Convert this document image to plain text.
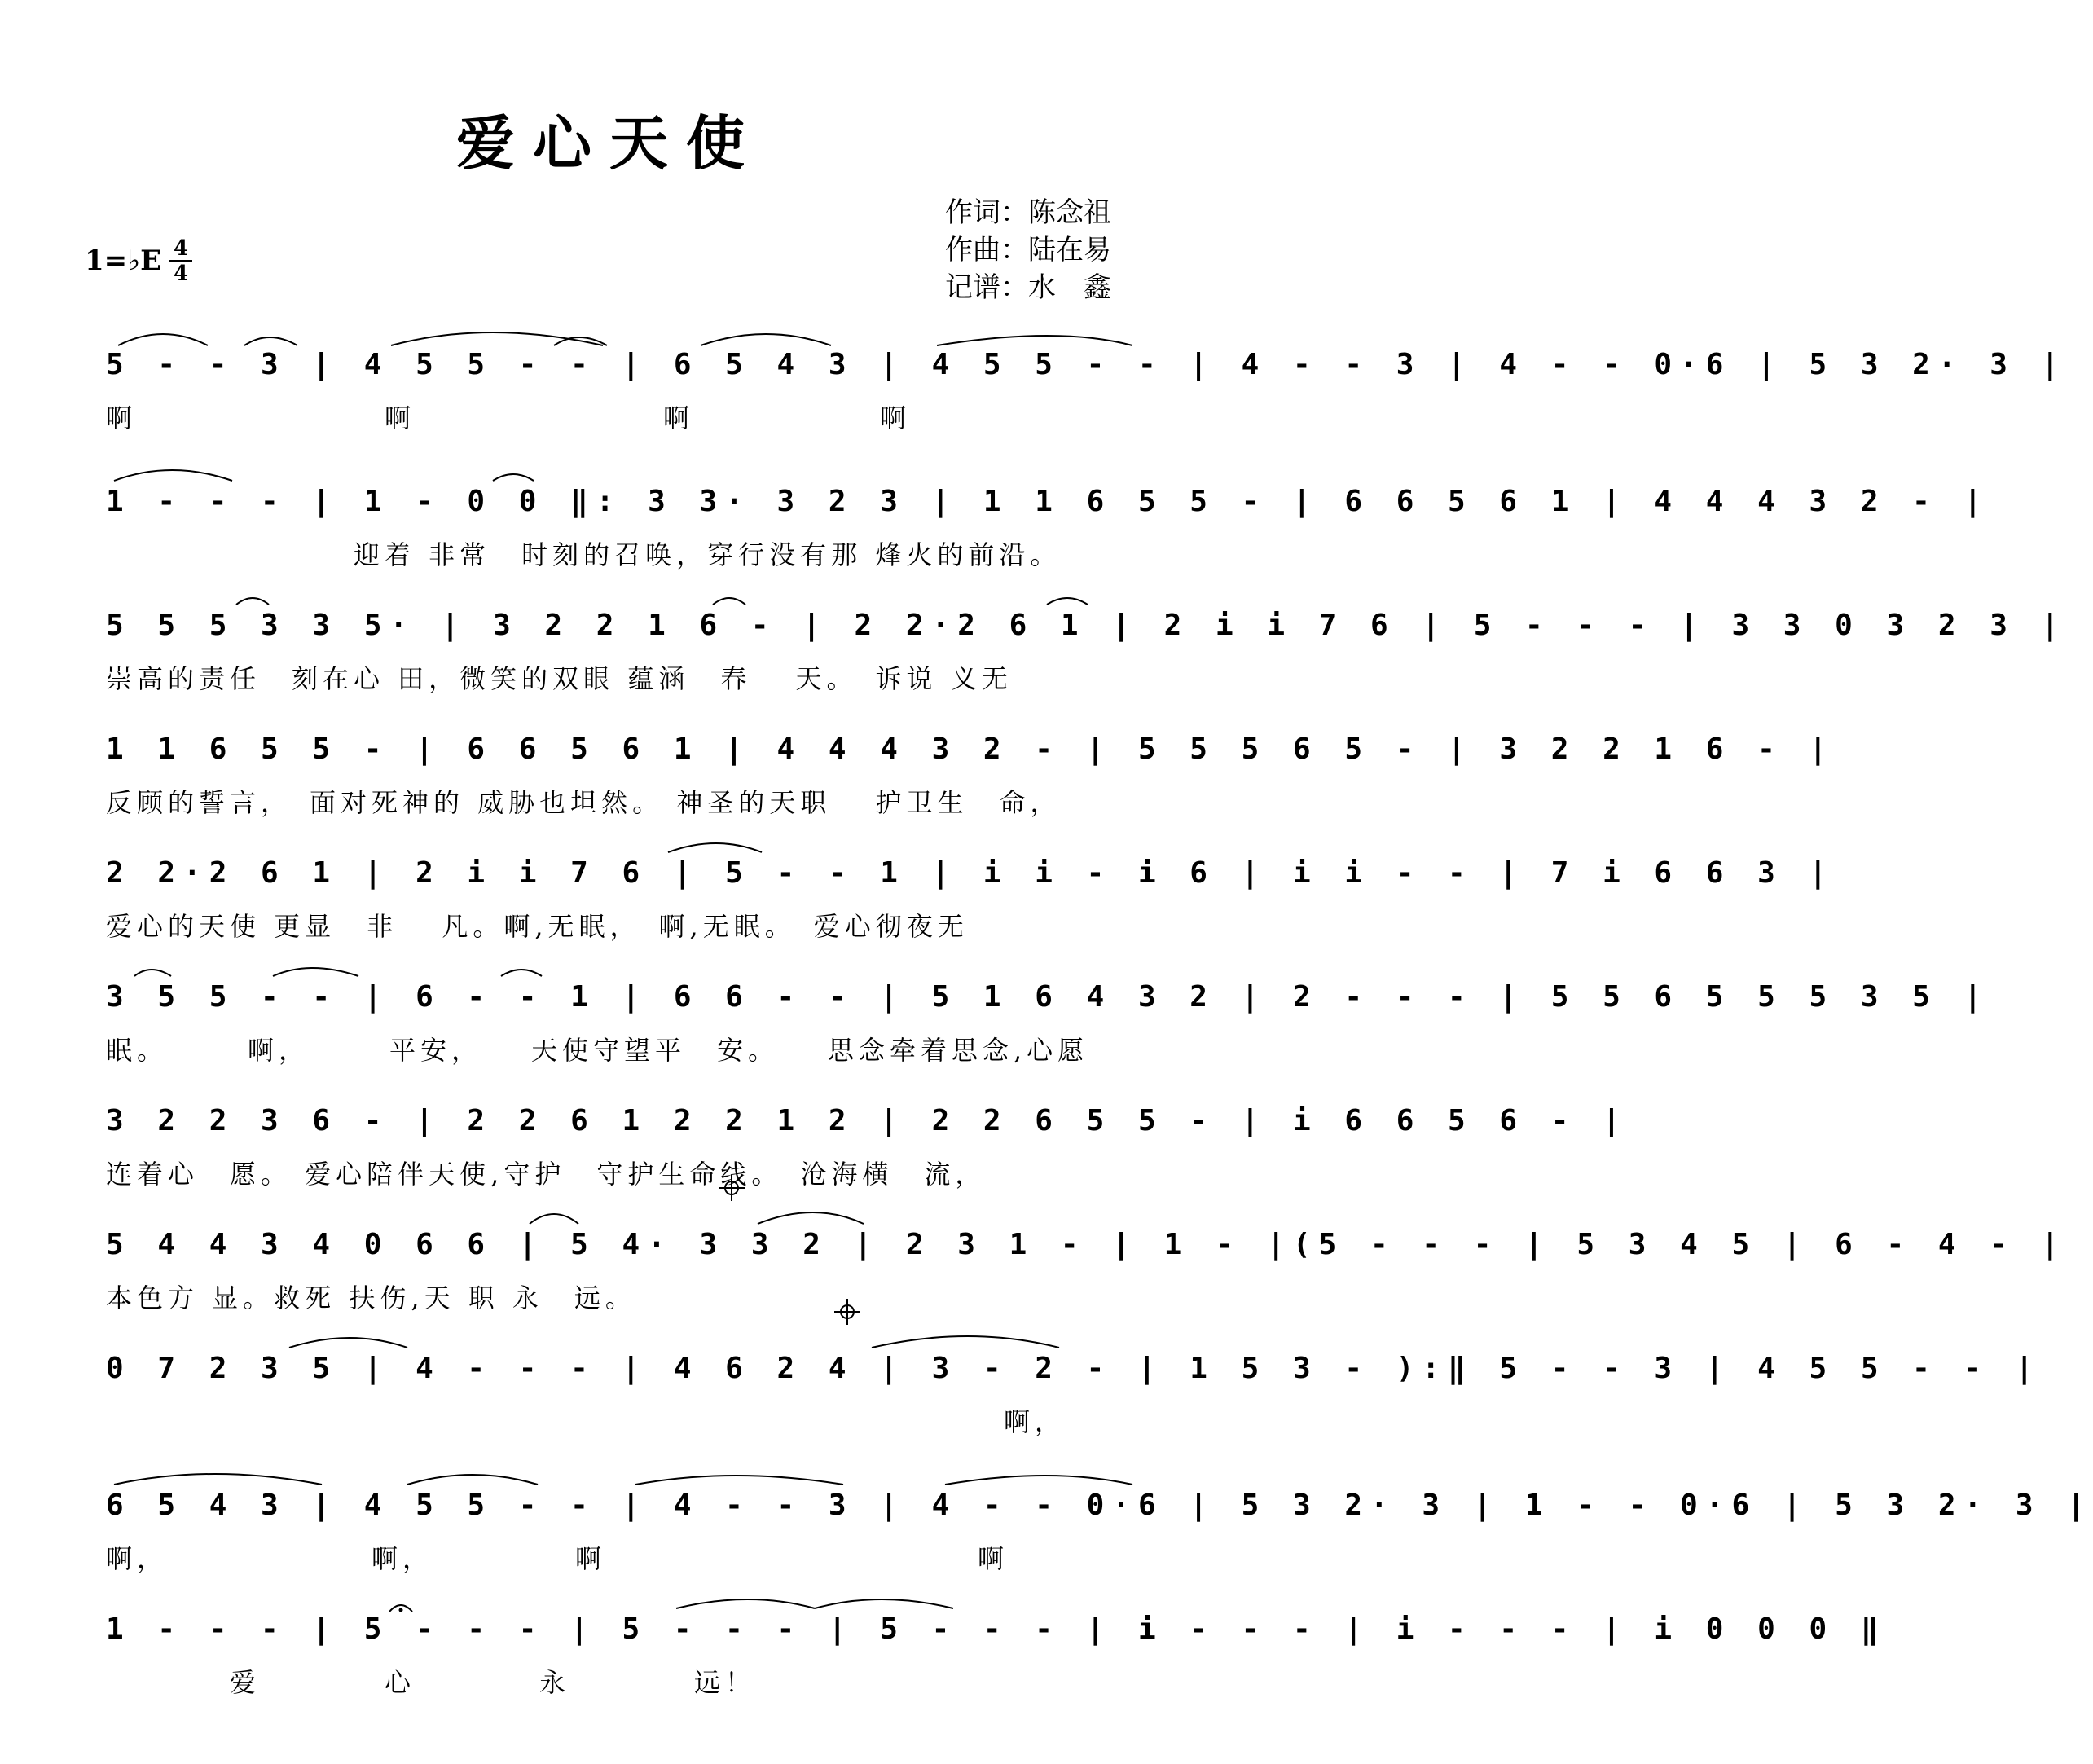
爱心天使
作词：陈念祖
作曲：陆在易
记谱：水　鑫
1=♭E 4
4
5 - - 3 | 4 5 5 - - | 6 5 4 3 | 4 5 5 - - | 4 - - 3 | 4 - - 0·6 | 5 3 2· 3 |
啊　　　　　　　　啊　　　　　　　　啊　　　　　　啊
1 - - - | 1 - 0 0 ‖: 3 3· 3 2 3 | 1 1 6 5 5 - | 6 6 5 6 1 | 4 4 4 3 2 - |
　　　　　　　　迎着 非常　时刻的召唤，穿行没有那 烽火的前沿。
5 5 5 3 3 5· | 3 2 2 1 6 - | 2 2·2 6 1 | 2 i i 7 6 | 5 - - - | 3 3 0 3 2 3 |
崇高的责任　刻在心 田，微笑的双眼 蕴涵　春　 天。　诉说 义无
1 1 6 5 5 - | 6 6 5 6 1 | 4 4 4 3 2 - | 5 5 5 6 5 - | 3 2 2 1 6 - |
反顾的誓言，　面对死神的 威胁也坦然。 神圣的天职　 护卫生　命，
2 2·2 6 1 | 2 i i 7 6 | 5 - - 1 | i i - i 6 | i i - - | 7 i 6 6 3 |
爱心的天使 更显　非　 凡。啊,无眠，　啊,无眠。　爱心彻夜无
3 5 5 - - | 6 - - 1 | 6 6 - - | 5 1 6 4 3 2 | 2 - - - | 5 5 6 5 5 5 3 5 |
眠。　　　啊，　　　平安，　　天使守望平　安。　　思念牵着思念,心愿
3 2 2 3 6 - | 2 2 6 1 2 2 1 2 | 2 2 6 5 5 - | i 6 6 5 6 - |
连着心　愿。 爱心陪伴天使,守护　守护生命线。　沧海横　流，
5 4 4 3 4 0 6 6 | 5 4· 3 3 2 | 2 3 1 - | 1 - |(5 - - - | 5 3 4 5 | 6 - 4 - |
本色方 显。救死 扶伤,天 职 永　远。
0 7 2 3 5 | 4 - - - | 4 6 2 4 | 3 - 2 - | 1 5 3 - ):‖ 5 - - 3 | 4 5 5 - - |
　　　　　　　　　　　　　　　　　　　　　　　　　　　　　啊，
6 5 4 3 | 4 5 5 - - | 4 - - 3 | 4 - - 0·6 | 5 3 2· 3 | 1 - - 0·6 | 5 3 2· 3 |
啊，　　　　　　　啊，　　　　　啊　　　　　　　　　　　　啊
1 - - - | 5 - - - | 5 - - - | 5 - - - | i - - - | i - - - | i 0 0 0 ‖
　　　　爱　　　　心　　　　永　　　　远！
